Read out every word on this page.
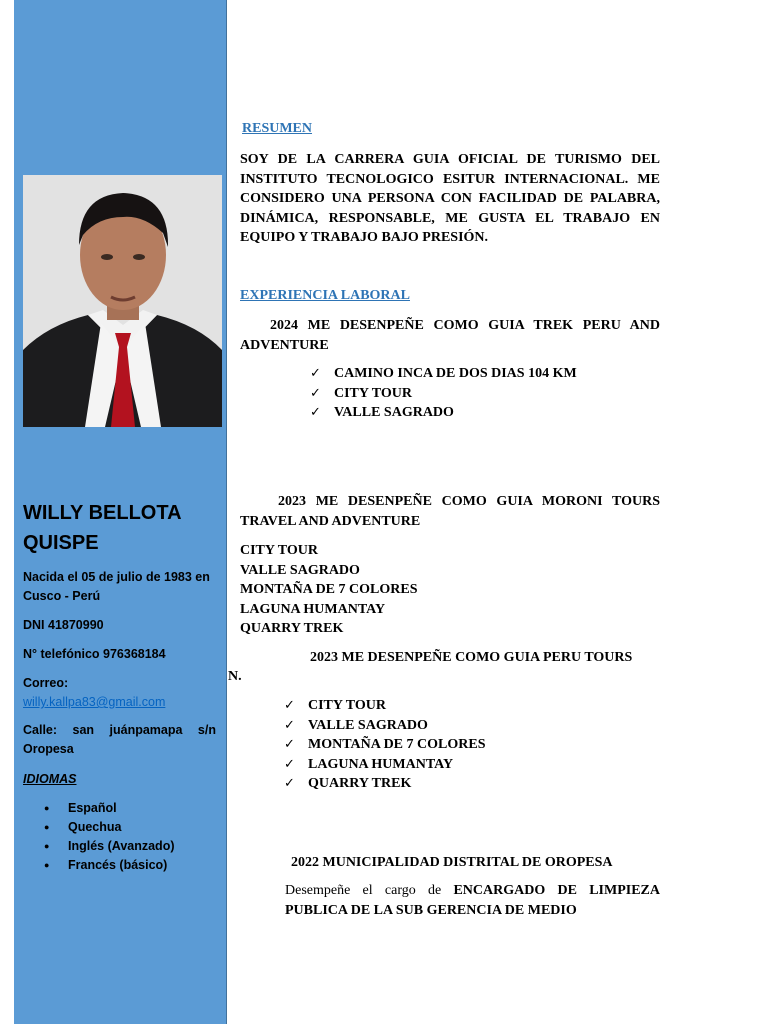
WILLY BELLOTA
QUISPE
Nacida el 05 de julio de 1983 en Cusco - Perú
DNI 41870990
N° telefónico 976368184
Correo:
willy.kallpa83@gmail.com
Calle: san juánpamapa s/n Oropesa
IDIOMAS
● Español
● Quechua
● Inglés (Avanzado)
● Francés (básico)
RESUMEN
SOY DE LA CARRERA GUIA OFICIAL DE TURISMO DEL INSTITUTO TECNOLOGICO ESITUR INTERNACIONAL. ME CONSIDERO UNA PERSONA CON FACILIDAD DE PALABRA, DINÁMICA, RESPONSABLE, ME GUSTA EL TRABAJO EN EQUIPO Y TRABAJO BAJO PRESIÓN.
EXPERIENCIA LABORAL
2024 ME DESENPEÑE COMO GUIA TREK PERU AND ADVENTURE
✓ CAMINO INCA DE DOS DIAS 104 KM
✓ CITY TOUR
✓ VALLE SAGRADO
2023 ME DESENPEÑE COMO GUIA MORONI TOURS TRAVEL AND ADVENTURE
CITY TOUR
VALLE SAGRADO
MONTAÑA DE 7 COLORES
LAGUNA HUMANTAY
QUARRY TREK
2023 ME DESENPEÑE COMO GUIA PERU TOURS
N.
✓ CITY TOUR
✓ VALLE SAGRADO
✓ MONTAÑA DE 7 COLORES
✓ LAGUNA HUMANTAY
✓ QUARRY TREK
2022 MUNICIPALIDAD DISTRITAL DE OROPESA
Desempeñe el cargo de ENCARGADO DE LIMPIEZA PUBLICA DE LA SUB GERENCIA DE MEDIO
